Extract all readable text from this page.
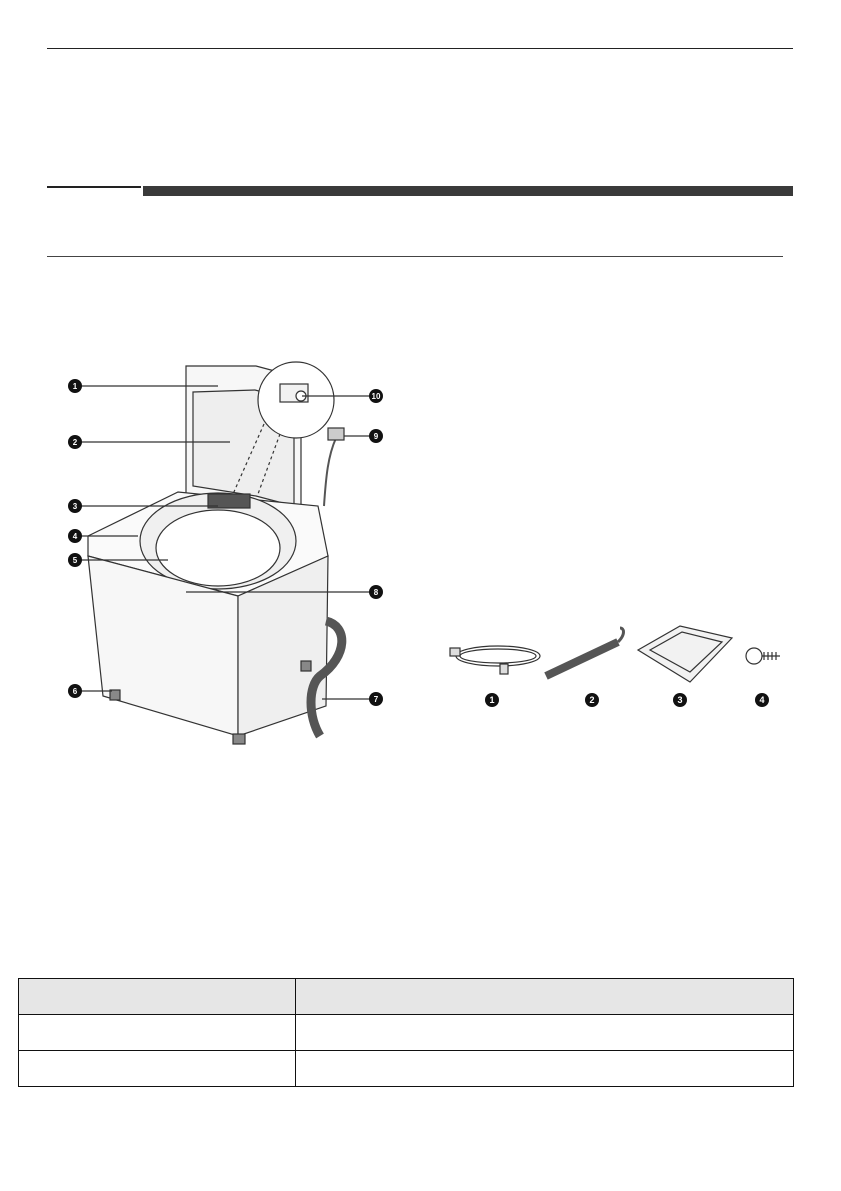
1
2
3
4
5
6
7
8
9
10
1	2	3	4
